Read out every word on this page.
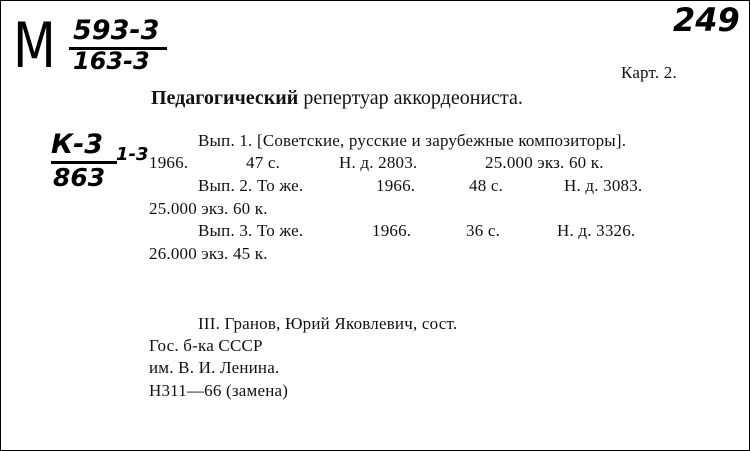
М 593-3
163-3
249
К-3
863
1-3
Карт. 2.
Педагогический репертуар аккордеониста.
Вып. 1. [Советские, русские и зарубежные композиторы].
1966.	47 с.	Н. д. 2803.	25.000 экз. 60 к.
Вып. 2. То же.	1966.	48 с.	Н. д. 3083.
25.000 экз. 60 к.
Вып. 3. То же.	1966.	36 с.	Н. д. 3326.
26.000 экз. 45 к.
III. Гранов, Юрий Яковлевич, сост.
Гос. б-ка СССР
им. В. И. Ленина.
Н311—66 (замена)
